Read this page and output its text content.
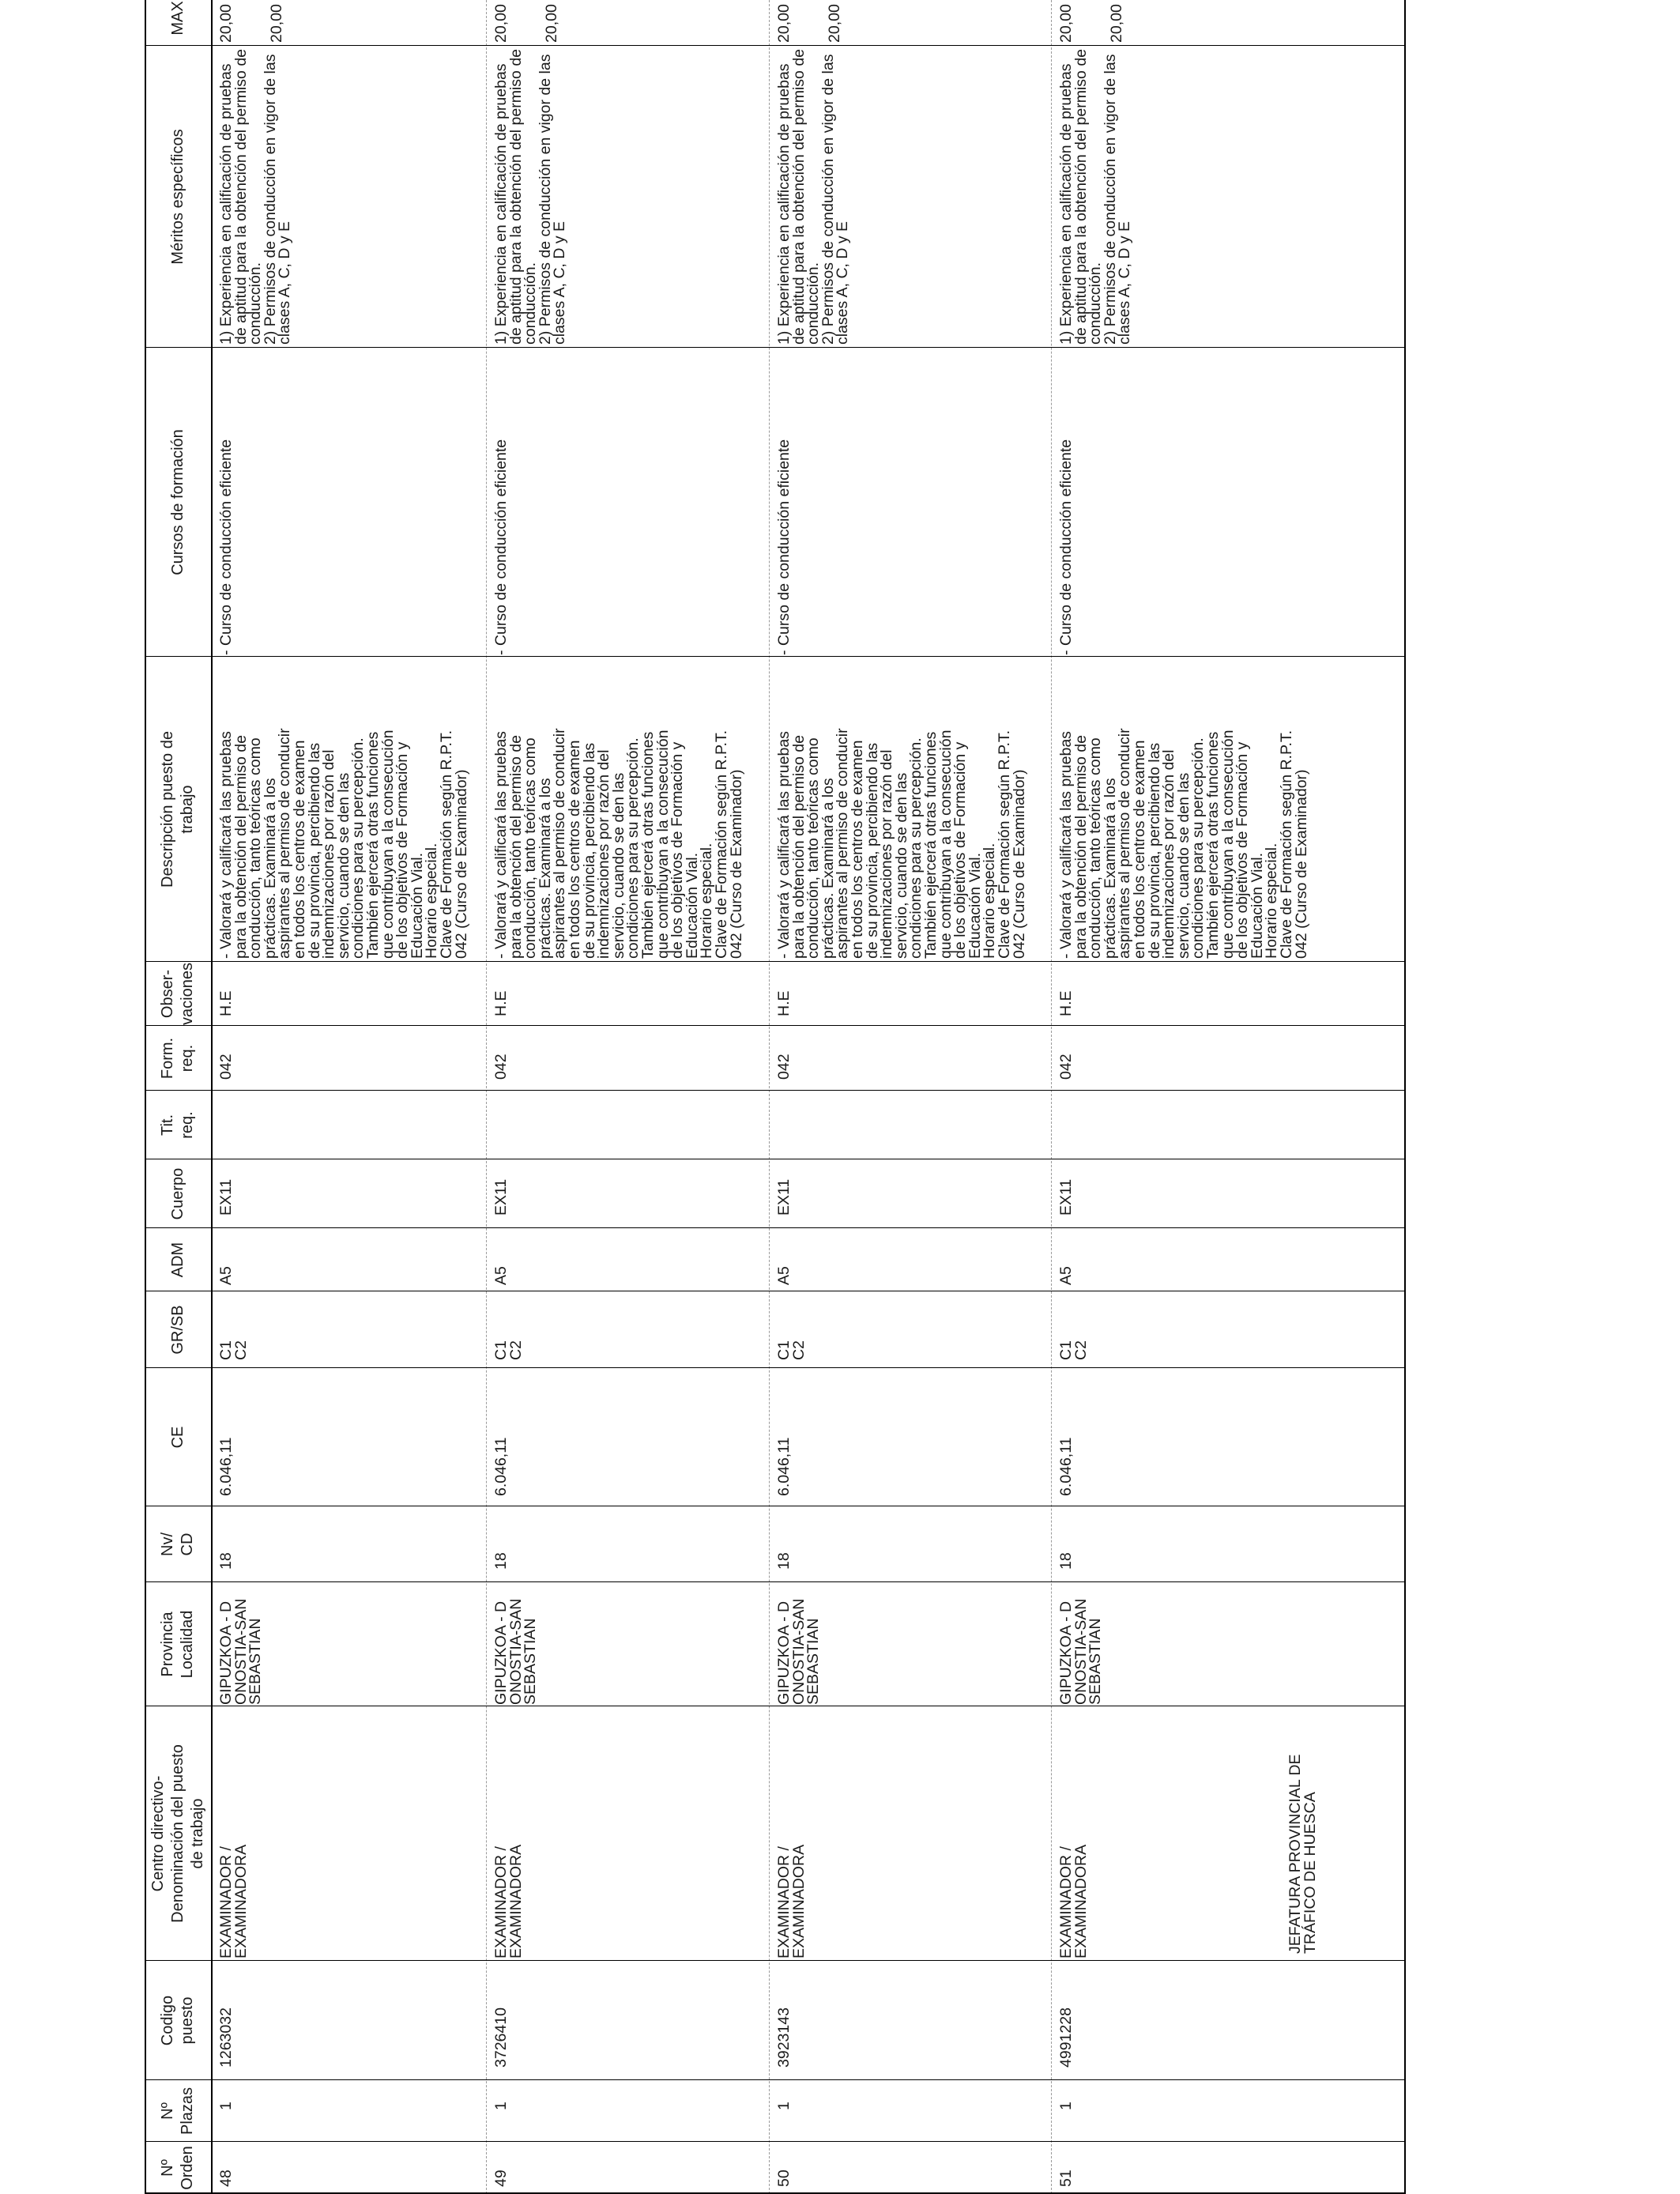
Nº
Orden
Nº
Plazas
Codigo
puesto
Centro directivo-
Denominación del puesto
de trabajo
Provincia
Localidad
Nv/
CD
CE
GR/SB
ADM
Cuerpo
Tit.
req.
Form.
req.
Obser-
vaciones
Descripción puesto de
trabajo
Cursos de formación
Méritos específicos
MAX
48
1
1263032
EXAMINADOR /
EXAMINADORA
GIPUZKOA - D
ONOSTIA-SAN
SEBASTIAN
18
6.046,11
C1
C2
A5
EX11
042
H.E
- Valorará y calificará las pruebas
para la obtención del permiso de
conducción, tanto teóricas como
prácticas. Examinará a los
aspirantes al permiso de conducir
en todos los centros de examen
de su provincia, percibiendo las
indemnizaciones por razón del
servicio, cuando se den las
condiciones para su percepción.
También ejercerá otras funciones
que contribuyan a la consecución
de los objetivos de Formación y
Educación Vial.
Horario especial.
Clave de Formación según R.P.T.
042 (Curso de Examinador)
- Curso de conducción eficiente
1) Experiencia en calificación de pruebas
de aptitud para la obtención del permiso de
conducción.
2) Permisos de conducción en vigor de las
clases A, C, D y E
20,00 20,00
49
1
3726410
EXAMINADOR /
EXAMINADORA
GIPUZKOA - D
ONOSTIA-SAN
SEBASTIAN
18
6.046,11
C1
C2
A5
EX11
042
H.E
- Valorará y calificará las pruebas
para la obtención del permiso de
conducción, tanto teóricas como
prácticas. Examinará a los
aspirantes al permiso de conducir
en todos los centros de examen
de su provincia, percibiendo las
indemnizaciones por razón del
servicio, cuando se den las
condiciones para su percepción.
También ejercerá otras funciones
que contribuyan a la consecución
de los objetivos de Formación y
Educación Vial.
Horario especial.
Clave de Formación según R.P.T.
042 (Curso de Examinador)
- Curso de conducción eficiente
1) Experiencia en calificación de pruebas
de aptitud para la obtención del permiso de
conducción.
2) Permisos de conducción en vigor de las
clases A, C, D y E
20,00 20,00
50
1
3923143
EXAMINADOR /
EXAMINADORA
GIPUZKOA - D
ONOSTIA-SAN
SEBASTIAN
18
6.046,11
C1
C2
A5
EX11
042
H.E
- Valorará y calificará las pruebas
para la obtención del permiso de
conducción, tanto teóricas como
prácticas. Examinará a los
aspirantes al permiso de conducir
en todos los centros de examen
de su provincia, percibiendo las
indemnizaciones por razón del
servicio, cuando se den las
condiciones para su percepción.
También ejercerá otras funciones
que contribuyan a la consecución
de los objetivos de Formación y
Educación Vial.
Horario especial.
Clave de Formación según R.P.T.
042 (Curso de Examinador)
- Curso de conducción eficiente
1) Experiencia en calificación de pruebas
de aptitud para la obtención del permiso de
conducción.
2) Permisos de conducción en vigor de las
clases A, C, D y E
20,00 20,00
51
1
4991228
EXAMINADOR /
EXAMINADORA
GIPUZKOA - D
ONOSTIA-SAN
SEBASTIAN
18
6.046,11
C1
C2
A5
EX11
042
H.E
- Valorará y calificará las pruebas
para la obtención del permiso de
conducción, tanto teóricas como
prácticas. Examinará a los
aspirantes al permiso de conducir
en todos los centros de examen
de su provincia, percibiendo las
indemnizaciones por razón del
servicio, cuando se den las
condiciones para su percepción.
También ejercerá otras funciones
que contribuyan a la consecución
de los objetivos de Formación y
Educación Vial.
Horario especial.
Clave de Formación según R.P.T.
042 (Curso de Examinador)
- Curso de conducción eficiente
1) Experiencia en calificación de pruebas
de aptitud para la obtención del permiso de
conducción.
2) Permisos de conducción en vigor de las
clases A, C, D y E
20,00 20,00
JEFATURA PROVINCIAL DE
TRÁFICO DE HUESCA
